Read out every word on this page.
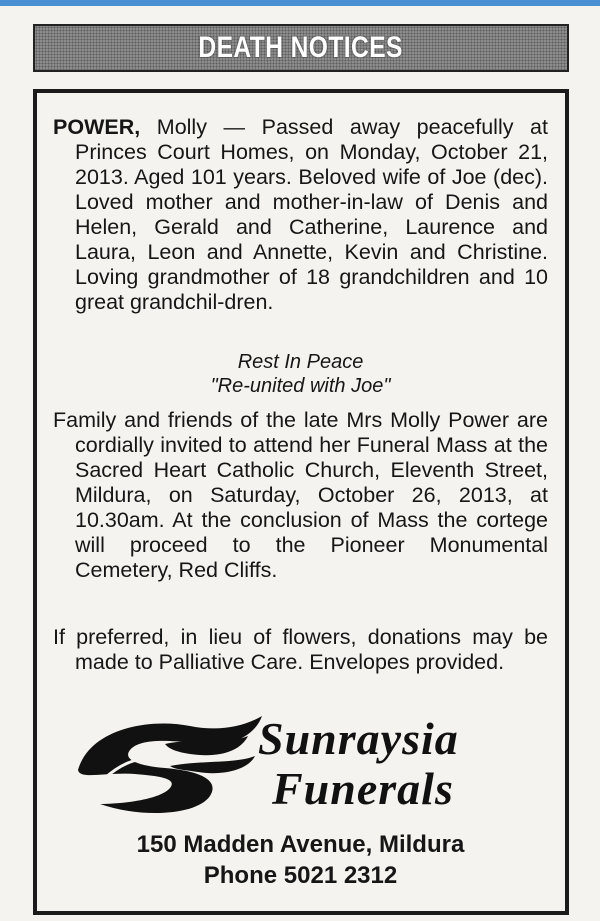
DEATH NOTICES

POWER, Molly — Passed away peacefully at Princes Court Homes, on Monday, October 21, 2013. Aged 101 years. Beloved wife of Joe (dec). Loved mother and mother-in-law of Denis and Helen, Gerald and Catherine, Laurence and Laura, Leon and Annette, Kevin and Christine. Loving grandmother of 18 grandchildren and 10 great grandchil-dren.

Rest In Peace
"Re-united with Joe"

Family and friends of the late Mrs Molly Power are cordially invited to attend her Funeral Mass at the Sacred Heart Catholic Church, Eleventh Street, Mildura, on Saturday, October 26, 2013, at 10.30am. At the conclusion of Mass the cortege will proceed to the Pioneer Monumental Cemetery, Red Cliffs.

If preferred, in lieu of flowers, donations may be made to Palliative Care. Envelopes provided.

Sunraysia
Funerals
150 Madden Avenue, Mildura
Phone 5021 2312
